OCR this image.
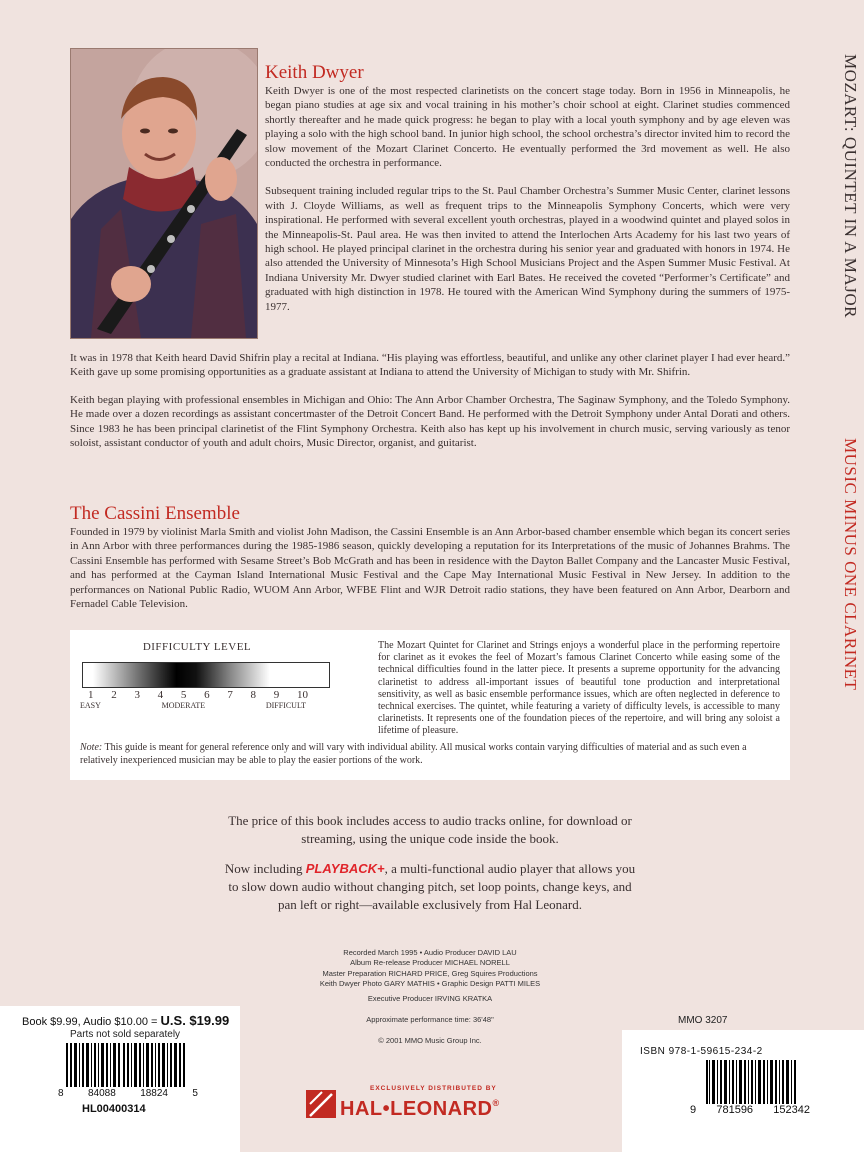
MOZART: QUINTET IN A MAJOR
MUSIC MINUS ONE CLARINET
Keith Dwyer

Keith Dwyer is one of the most respected clarinetists on the concert stage today. Born in 1956 in Minneapolis, he began piano studies at age six and vocal training in his mother’s choir school at eight. Clarinet studies commenced shortly thereafter and he made quick progress: he began to play with a local youth symphony and by age eleven was playing a solo with the high school band. In junior high school, the school orchestra’s director invited him to record the slow movement of the Mozart Clarinet Concerto. He eventually performed the 3rd movement as well. He also conducted the orchestra in performance.

Subsequent training included regular trips to the St. Paul Chamber Orchestra’s Summer Music Center, clarinet lessons with J. Cloyde Williams, as well as frequent trips to the Minneapolis Symphony Concerts, which were very inspirational. He performed with several excellent youth orchestras, played in a woodwind quintet and played solos in the Minneapolis-St. Paul area. He was then invited to attend the Interlochen Arts Academy for his last two years of high school. He played principal clarinet in the orchestra during his senior year and graduated with honors in 1974. He also attended the University of Minnesota’s High School Musicians Project and the Aspen Summer Music Festival. At Indiana University Mr. Dwyer studied clarinet with Earl Bates. He received the coveted “Performer’s Certificate” and graduated with high distinction in 1978. He toured with the American Wind Symphony during the summers of 1975-1977.

It was in 1978 that Keith heard David Shifrin play a recital at Indiana. “His playing was effortless, beautiful, and unlike any other clarinet player I had ever heard.” Keith gave up some promising opportunities as a graduate assistant at Indiana to attend the University of Michigan to study with Mr. Shifrin.

Keith began playing with professional ensembles in Michigan and Ohio: The Ann Arbor Chamber Orchestra, The Saginaw Symphony, and the Toledo Symphony. He made over a dozen recordings as assistant concertmaster of the Detroit Concert Band. He performed with the Detroit Symphony under Antal Dorati and others. Since 1983 he has been principal clarinetist of the Flint Symphony Orchestra. Keith also has kept up his involvement in church music, serving variously as tenor soloist, assistant conductor of youth and adult choirs, Music Director, organist, and guitarist.

The Cassini Ensemble

Founded in 1979 by violinist Marla Smith and violist John Madison, the Cassini Ensemble is an Ann Arbor-based chamber ensemble which began its concert series in Ann Arbor with three performances during the 1985-1986 season, quickly developing a reputation for its Interpretations of the music of Johannes Brahms. The Cassini Ensemble has performed with Sesame Street’s Bob McGrath and has been in residence with the Dayton Ballet Company and the Lancaster Music Festival, and has performed at the Cayman Island International Music Festival and the Cape May International Music Festival in New Jersey. In addition to the performances on National Public Radio, WUOM Ann Arbor, WFBE Flint and WJR Detroit radio stations, they have been featured on Ann Arbor, Dearborn and Fernadel Cable Television.

DIFFICULTY LEVEL
1 2 3 4 5 6 7 8 9 10
EASY	MODERATE	DIFFICULT
The Mozart Quintet for Clarinet and Strings enjoys a wonderful place in the performing repertoire for clarinet as it evokes the feel of Mozart’s famous Clarinet Concerto while easing some of the technical difficulties found in the latter piece. It presents a supreme opportunity for the advancing clarinetist to address all-important issues of beautiful tone production and interpretational sensitivity, as well as basic ensemble performance issues, which are often neglected in deference to technical exercises. The quintet, while featuring a variety of difficulty levels, is accessible to many clarinetists. It represents one of the foundation pieces of the repertoire, and will bring any soloist a lifetime of pleasure.
Note: This guide is meant for general reference only and will vary with individual ability. All musical works contain varying difficulties of material and as such even a relatively inexperienced musician may be able to play the easier portions of the work.
The price of this book includes access to audio tracks online, for download or
streaming, using the unique code inside the book.
Now including PLAYBACK+, a multi-functional audio player that allows you
to slow down audio without changing pitch, set loop points, change keys, and
pan left or right—available exclusively from Hal Leonard.
Recorded March 1995 • Audio Producer DAVID LAU
Album Re-release Producer MICHAEL NORELL
Master Preparation RICHARD PRICE, Greg Squires Productions
Keith Dwyer Photo GARY MATHIS • Graphic Design PATTI MILES
Executive Producer IRVING KRATKA
Approximate performance time: 36'48"
© 2001 MMO Music Group Inc.
MMO 3207
Book $9.99, Audio $10.00 = U.S. $19.99
Parts not sold separately
8 84088 18824 5
HL00400314
ISBN 978-1-59615-234-2
9 781596 152342
EXCLUSIVELY DISTRIBUTED BY
HAL•LEONARD®
